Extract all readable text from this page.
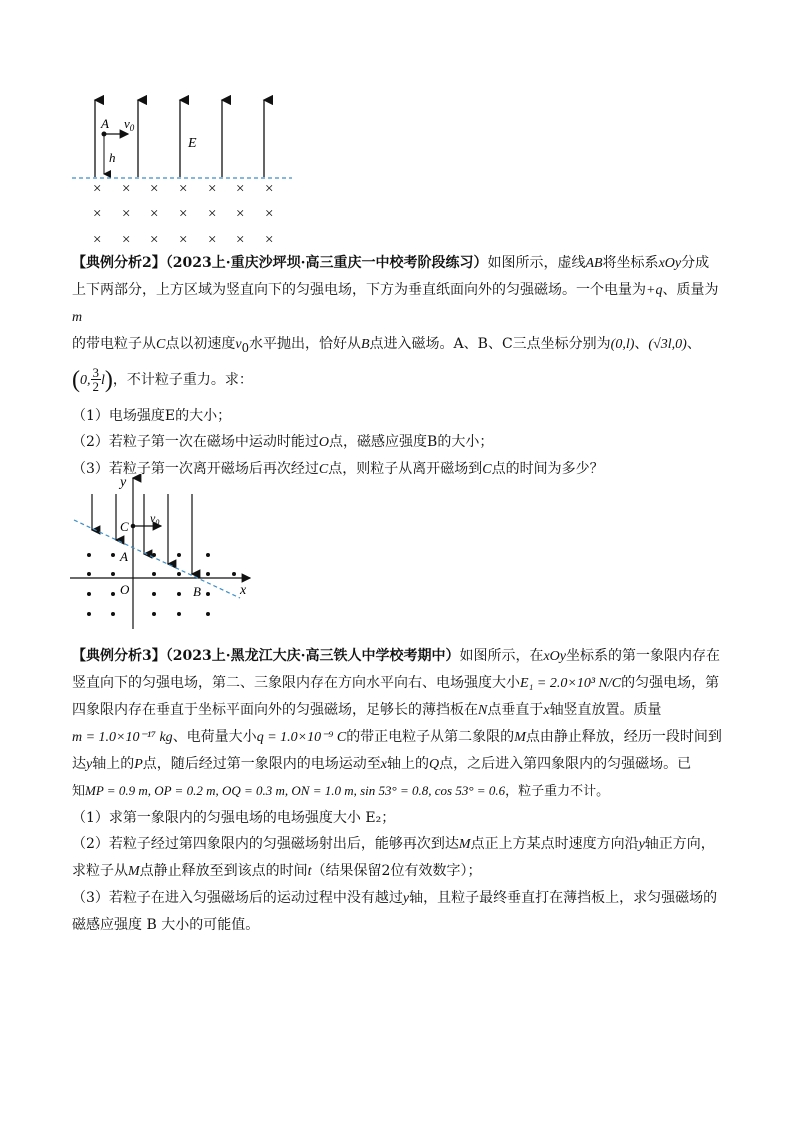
A $v_0$
h
E
× × × × × × ×
× × × × × × ×
× × × × × × ×
【典例分析2】（2023上·重庆沙坪坝·高三重庆一中校考阶段练习）如图所示，虚线AB将坐标系xOy分成
上下两部分，上方区域为竖直向下的匀强电场，下方为垂直纸面向外的匀强磁场。一个电量为+q、质量为m
的带电粒子从C点以初速度$v_0$水平抛出，恰好从B点进入磁场。A、B、C三点坐标分别为(0,l)、(√3l,0)、
(0, $\frac{3}{2} l$)，不计粒子重力。求：
（1）电场强度E的大小；
（2）若粒子第一次在磁场中运动时能过O点，磁感应强度B的大小；
（3）若粒子第一次离开磁场后再次经过C点，则粒子从离开磁场到C点的时间为多少？
y
x
C
A
O	B
$v_0$
【典例分析3】（2023上·黑龙江大庆·高三铁人中学校考期中）如图所示，在xOy坐标系的第一象限内存在
竖直向下的匀强电场，第二、三象限内存在方向水平向右、电场强度大小E₁ = 2.0×10³ N/C的匀强电场，第
四象限内存在垂直于坐标平面向外的匀强磁场，足够长的薄挡板在N点垂直于x轴竖直放置。质量
m = 1.0×10⁻¹⁷ kg、电荷量大小q = 1.0×10⁻⁹ C的带正电粒子从第二象限的M点由静止释放，经历一段时间到
达y轴上的P点，随后经过第一象限内的电场运动至x轴上的Q点，之后进入第四象限内的匀强磁场。已
知MP = 0.9 m, OP = 0.2 m, OQ = 0.3 m, ON = 1.0 m, sin 53° = 0.8, cos 53° = 0.6，粒子重力不计。
（1）求第一象限内的匀强电场的电场强度大小 E₂；
（2）若粒子经过第四象限内的匀强磁场射出后，能够再次到达M点正上方某点时速度方向沿y轴正方向，
求粒子从M点静止释放至到该点的时间t（结果保留2位有效数字）；
（3）若粒子在进入匀强磁场后的运动过程中没有越过y轴，且粒子最终垂直打在薄挡板上，求匀强磁场的
磁感应强度 B 大小的可能值。
